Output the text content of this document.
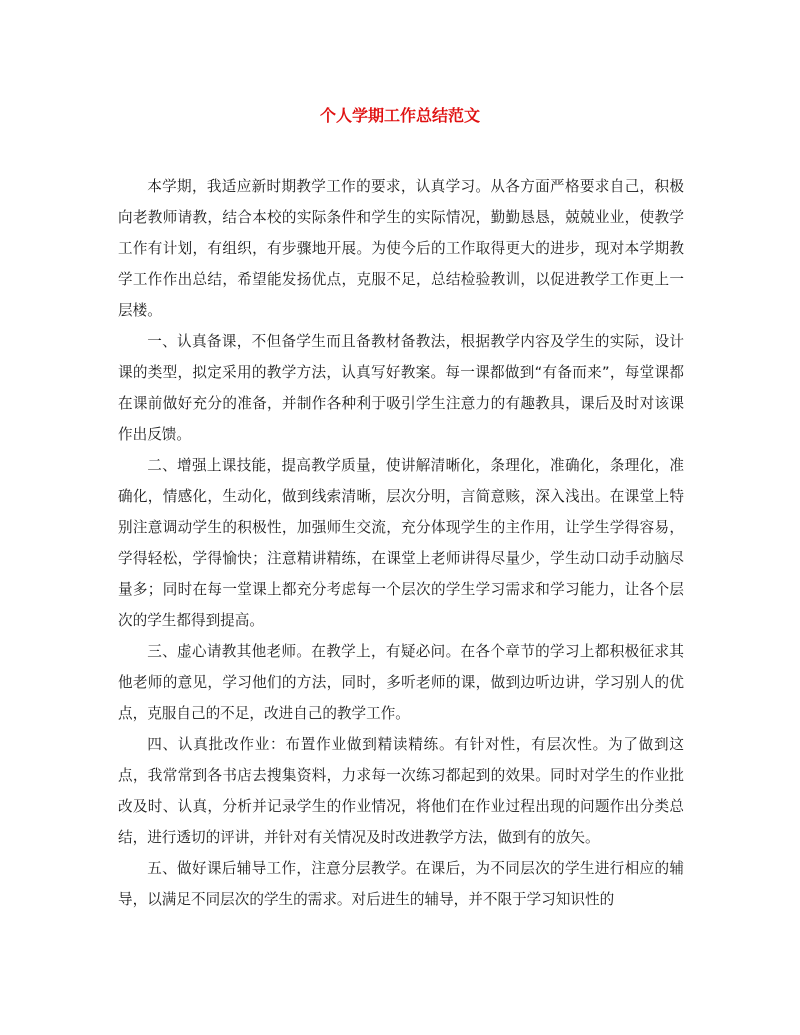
个人学期工作总结范文

本学期，我适应新时期教学工作的要求，认真学习。从各方面严格要求自己，积极向老教师请教，结合本校的实际条件和学生的实际情况，勤勤恳恳，兢兢业业，使教学工作有计划，有组织，有步骤地开展。为使今后的工作取得更大的进步，现对本学期教学工作作出总结，希望能发扬优点，克服不足，总结检验教训，以促进教学工作更上一层楼。

一、认真备课，不但备学生而且备教材备教法，根据教学内容及学生的实际，设计课的类型，拟定采用的教学方法，认真写好教案。每一课都做到“有备而来”，每堂课都在课前做好充分的准备，并制作各种利于吸引学生注意力的有趣教具，课后及时对该课作出反馈。

二、增强上课技能，提高教学质量，使讲解清晰化，条理化，准确化，条理化，准确化，情感化，生动化，做到线索清晰，层次分明，言简意赅，深入浅出。在课堂上特别注意调动学生的积极性，加强师生交流，充分体现学生的主作用，让学生学得容易，学得轻松，学得愉快；注意精讲精练，在课堂上老师讲得尽量少，学生动口动手动脑尽量多；同时在每一堂课上都充分考虑每一个层次的学生学习需求和学习能力，让各个层次的学生都得到提高。

三、虚心请教其他老师。在教学上，有疑必问。在各个章节的学习上都积极征求其他老师的意见，学习他们的方法，同时，多听老师的课，做到边听边讲，学习别人的优点，克服自己的不足，改进自己的教学工作。

四、认真批改作业：布置作业做到精读精练。有针对性，有层次性。为了做到这点，我常常到各书店去搜集资料，力求每一次练习都起到的效果。同时对学生的作业批改及时、认真，分析并记录学生的作业情况，将他们在作业过程出现的问题作出分类总结，进行透切的评讲，并针对有关情况及时改进教学方法，做到有的放矢。

五、做好课后辅导工作，注意分层教学。在课后，为不同层次的学生进行相应的辅导，以满足不同层次的学生的需求。对后进生的辅导，并不限于学习知识性的
